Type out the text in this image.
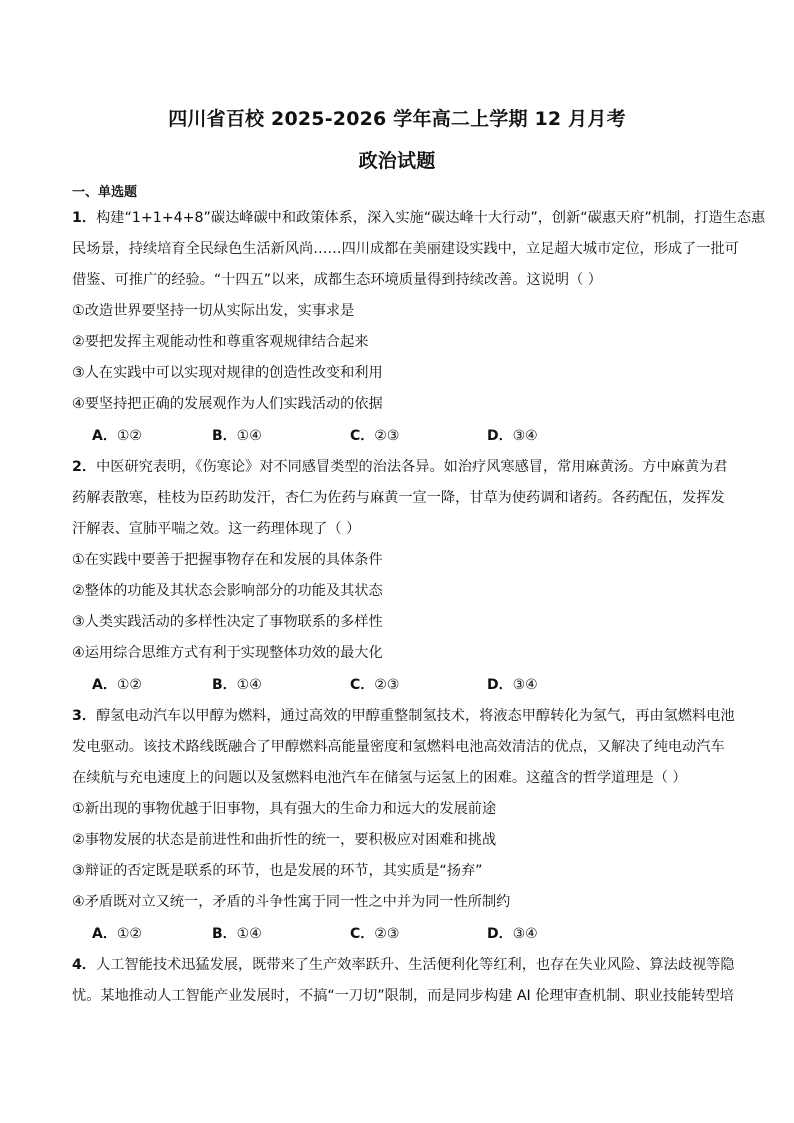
四川省百校 2025-2026 学年高二上学期 12 月月考
政治试题
一、单选题
1．构建“1+1+4+8”碳达峰碳中和政策体系，深入实施“碳达峰十大行动”，创新“碳惠天府”机制，打造生态惠
民场景，持续培育全民绿色生活新风尚……四川成都在美丽建设实践中，立足超大城市定位，形成了一批可
借鉴、可推广的经验。“十四五”以来，成都生态环境质量得到持续改善。这说明（ ）
①改造世界要坚持一切从实际出发，实事求是
②要把发挥主观能动性和尊重客观规律结合起来
③人在实践中可以实现对规律的创造性改变和利用
④要坚持把正确的发展观作为人们实践活动的依据
A．①②	B．①④	C．②③	D．③④
2．中医研究表明，《伤寒论》对不同感冒类型的治法各异。如治疗风寒感冒，常用麻黄汤。方中麻黄为君
药解表散寒，桂枝为臣药助发汗，杏仁为佐药与麻黄一宣一降，甘草为使药调和诸药。各药配伍，发挥发
汗解表、宣肺平喘之效。这一药理体现了（ ）
①在实践中要善于把握事物存在和发展的具体条件
②整体的功能及其状态会影响部分的功能及其状态
③人类实践活动的多样性决定了事物联系的多样性
④运用综合思维方式有利于实现整体功效的最大化
A．①②	B．①④	C．②③	D．③④
3．醇氢电动汽车以甲醇为燃料，通过高效的甲醇重整制氢技术，将液态甲醇转化为氢气，再由氢燃料电池
发电驱动。该技术路线既融合了甲醇燃料高能量密度和氢燃料电池高效清洁的优点，又解决了纯电动汽车
在续航与充电速度上的问题以及氢燃料电池汽车在储氢与运氢上的困难。这蕴含的哲学道理是（ ）
①新出现的事物优越于旧事物，具有强大的生命力和远大的发展前途
②事物发展的状态是前进性和曲折性的统一，要积极应对困难和挑战
③辩证的否定既是联系的环节，也是发展的环节，其实质是“扬弃”
④矛盾既对立又统一，矛盾的斗争性寓于同一性之中并为同一性所制约
A．①②	B．①④	C．②③	D．③④
4．人工智能技术迅猛发展，既带来了生产效率跃升、生活便利化等红利，也存在失业风险、算法歧视等隐
忧。某地推动人工智能产业发展时，不搞“一刀切”限制，而是同步构建 AI 伦理审查机制、职业技能转型培
